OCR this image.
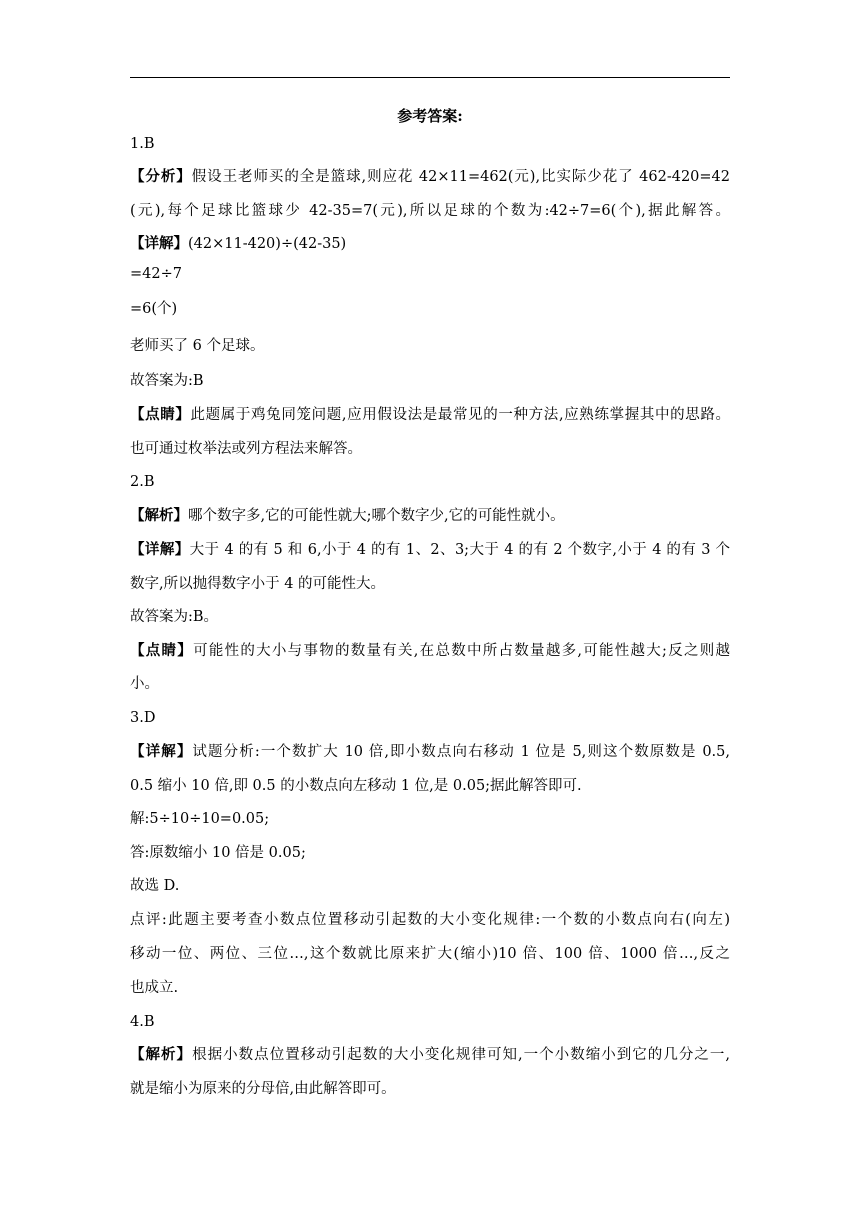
参考答案:
1.B
【分析】假设王老师买的全是篮球,则应花 42×11=462(元),比实际少花了 462-420=42
(元),每个足球比篮球少 42-35=7(元),所以足球的个数为:42÷7=6(个),据此解答。
【详解】(42×11-420)÷(42-35)
=42÷7
=6(个)
老师买了 6 个足球。
故答案为:B
【点睛】此题属于鸡兔同笼问题,应用假设法是最常见的一种方法,应熟练掌握其中的思路。
也可通过枚举法或列方程法来解答。
2.B
【解析】哪个数字多,它的可能性就大;哪个数字少,它的可能性就小。
【详解】大于 4 的有 5 和 6,小于 4 的有 1、2、3;大于 4 的有 2 个数字,小于 4 的有 3 个
数字,所以抛得数字小于 4 的可能性大。
故答案为:B。
【点睛】可能性的大小与事物的数量有关,在总数中所占数量越多,可能性越大;反之则越
小。
3.D
【详解】试题分析:一个数扩大 10 倍,即小数点向右移动 1 位是 5,则这个数原数是 0.5,
0.5 缩小 10 倍,即 0.5 的小数点向左移动 1 位,是 0.05;据此解答即可.
解:5÷10÷10=0.05;
答:原数缩小 10 倍是 0.05;
故选 D.
点评:此题主要考查小数点位置移动引起数的大小变化规律:一个数的小数点向右(向左)
移动一位、两位、三位…,这个数就比原来扩大(缩小)10 倍、100 倍、1000 倍…,反之
也成立.
4.B
【解析】根据小数点位置移动引起数的大小变化规律可知,一个小数缩小到它的几分之一,
就是缩小为原来的分母倍,由此解答即可。
